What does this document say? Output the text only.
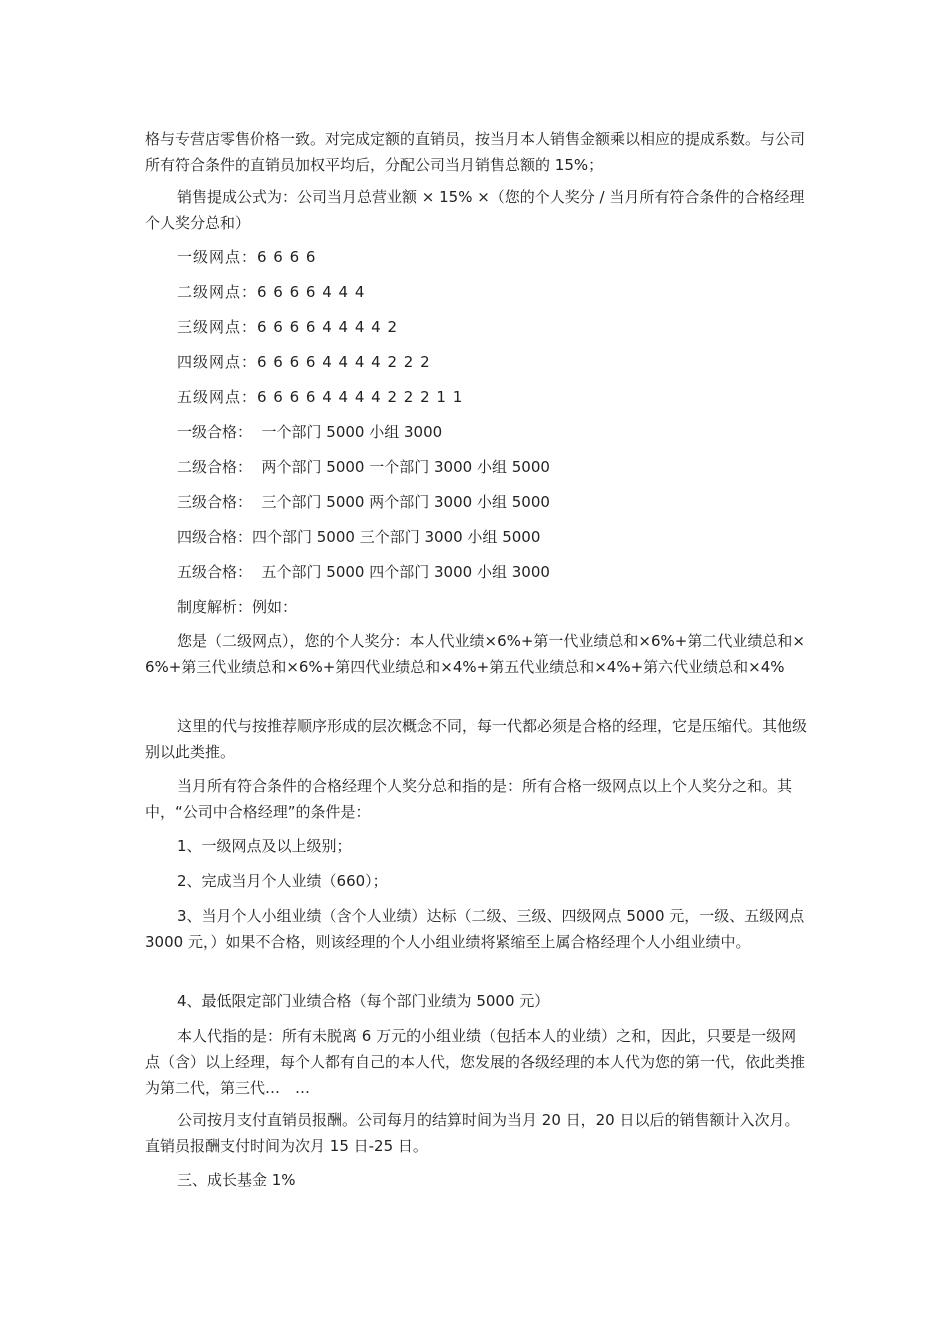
格与专营店零售价格一致。对完成定额的直销员，按当月本人销售金额乘以相应的提成系数。与公司所有符合条件的直销员加权平均后，分配公司当月销售总额的 15%；

销售提成公式为：公司当月总营业额 × 15% ×（您的个人奖分 / 当月所有符合条件的合格经理个人奖分总和）

一级网点：6 6 6 6

二级网点：6 6 6 6 4 4 4

三级网点：6 6 6 6 4 4 4 4 2

四级网点：6 6 6 6 4 4 4 4 2 2 2

五级网点：6 6 6 6 4 4 4 4 2 2 2 1 1

一级合格：  一个部门 5000 小组 3000

二级合格：  两个部门 5000 一个部门 3000 小组 5000

三级合格：  三个部门 5000 两个部门 3000 小组 5000

四级合格：四个部门 5000 三个部门 3000 小组 5000

五级合格：  五个部门 5000 四个部门 3000 小组 3000

制度解析：例如：

您是（二级网点），您的个人奖分：本人代业绩×6%+第一代业绩总和×6%+第二代业绩总和×6%+第三代业绩总和×6%+第四代业绩总和×4%+第五代业绩总和×4%+第六代业绩总和×4%

这里的代与按推荐顺序形成的层次概念不同，每一代都必须是合格的经理，它是压缩代。其他级别以此类推。

当月所有符合条件的合格经理个人奖分总和指的是：所有合格一级网点以上个人奖分之和。其中，“公司中合格经理”的条件是：

1、一级网点及以上级别；

2、完成当月个人业绩（660）；

3、当月个人小组业绩（含个人业绩）达标（二级、三级、四级网点 5000 元，一级、五级网点 3000 元，）如果不合格，则该经理的个人小组业绩将紧缩至上属合格经理个人小组业绩中。

4、最低限定部门业绩合格（每个部门业绩为 5000 元）

本人代指的是：所有未脱离 6 万元的小组业绩（包括本人的业绩）之和，因此，只要是一级网点（含）以上经理，每个人都有自己的本人代，您发展的各级经理的本人代为您的第一代，依此类推为第二代，第三代…　…

公司按月支付直销员报酬。公司每月的结算时间为当月 20 日，20 日以后的销售额计入次月。直销员报酬支付时间为次月 15 日-25 日。

三、成长基金 1%
